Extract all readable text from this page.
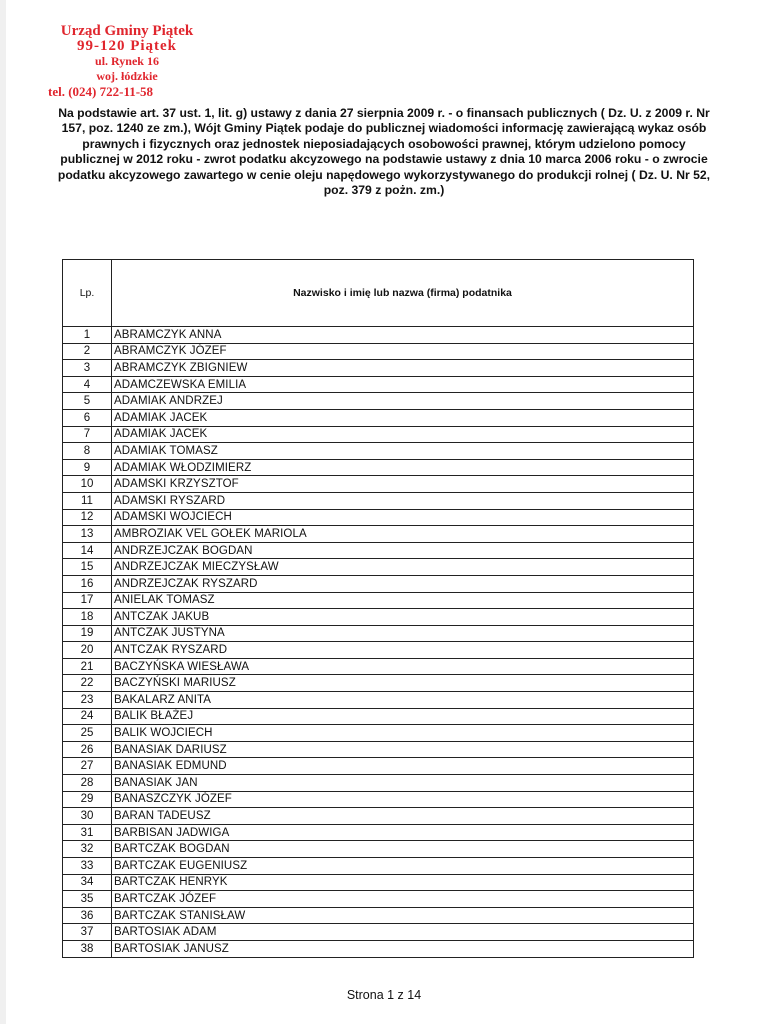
Urząd Gminy Piątek
99-120 Piątek
ul. Rynek 16
woj. łódzkie
tel. (024) 722-11-58
Na podstawie art. 37 ust. 1, lit. g) ustawy z dania 27 sierpnia 2009 r. - o finansach publicznych ( Dz. U. z 2009 r. Nr 157, poz. 1240 ze zm.), Wójt Gminy Piątek podaje do publicznej wiadomości informację zawierającą wykaz osób prawnych i fizycznych oraz jednostek nieposiadających osobowości prawnej, którym udzielono pomocy publicznej w 2012 roku - zwrot podatku akcyzowego na podstawie ustawy z dnia 10 marca 2006 roku - o zwrocie podatku akcyzowego zawartego w cenie oleju napędowego wykorzystywanego do produkcji rolnej ( Dz. U. Nr 52, poz. 379 z pożn. zm.)
Lp.	Nazwisko i imię lub nazwa (firma) podatnika
1	ABRAMCZYK ANNA
2	ABRAMCZYK JÓZEF
3	ABRAMCZYK ZBIGNIEW
4	ADAMCZEWSKA EMILIA
5	ADAMIAK ANDRZEJ
6	ADAMIAK JACEK
7	ADAMIAK JACEK
8	ADAMIAK TOMASZ
9	ADAMIAK WŁODZIMIERZ
10	ADAMSKI KRZYSZTOF
11	ADAMSKI RYSZARD
12	ADAMSKI WOJCIECH
13	AMBROZIAK VEL GOŁEK MARIOLA
14	ANDRZEJCZAK BOGDAN
15	ANDRZEJCZAK MIECZYSŁAW
16	ANDRZEJCZAK RYSZARD
17	ANIELAK TOMASZ
18	ANTCZAK JAKUB
19	ANTCZAK JUSTYNA
20	ANTCZAK RYSZARD
21	BACZYŃSKA WIESŁAWA
22	BACZYŃSKI MARIUSZ
23	BAKALARZ ANITA
24	BALIK BŁAŻEJ
25	BALIK WOJCIECH
26	BANASIAK DARIUSZ
27	BANASIAK EDMUND
28	BANASIAK JAN
29	BANASZCZYK JÓZEF
30	BARAN TADEUSZ
31	BARBISAN JADWIGA
32	BARTCZAK BOGDAN
33	BARTCZAK EUGENIUSZ
34	BARTCZAK HENRYK
35	BARTCZAK JÓZEF
36	BARTCZAK STANISŁAW
37	BARTOSIAK ADAM
38	BARTOSIAK JANUSZ
Strona 1 z 14
